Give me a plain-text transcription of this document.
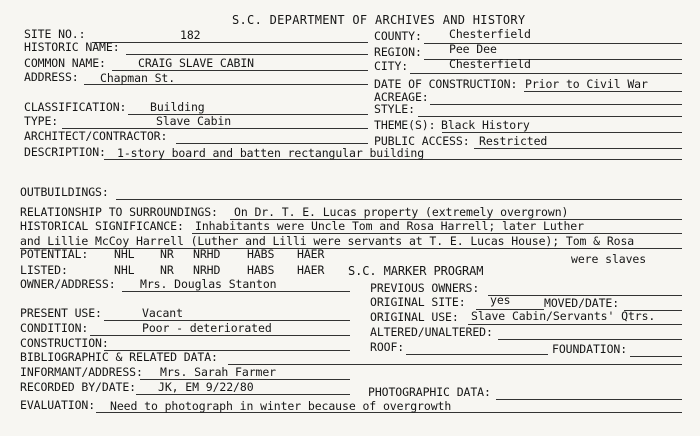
S.C. DEPARTMENT OF ARCHIVES AND HISTORY
SITE NO.:	182
HISTORIC NAME:
COMMON NAME:	CRAIG SLAVE CABIN
ADDRESS: Chapman St.
COUNTY: Chesterfield
REGION: Pee Dee
CITY:	Chesterfield
DATE OF CONSTRUCTION: Prior to Civil War
ACREAGE:
CLASSIFICATION: Building
TYPE:	Slave Cabin
ARCHITECT/CONTRACTOR:
DESCRIPTION: 1-story board and batten rectangular building
STYLE:
THEME(S): Black History
PUBLIC ACCESS: Restricted
OUTBUILDINGS:
RELATIONSHIP TO SURROUNDINGS: On Dr. T. E. Lucas property (extremely overgrown)
HISTORICAL SIGNIFICANCE: Inhabitants were Uncle Tom and Rosa Harrell; later Luther
and Lillie McCoy Harrell (Luther and Lilli were servants at T. E. Lucas House); Tom & Rosa
POTENTIAL: NHL NR NRHD HABS HAER	were slaves
LISTED:	NHL NR NRHD HABS HAER S.C. MARKER PROGRAM
OWNER/ADDRESS: Mrs. Douglas Stanton	PREVIOUS OWNERS:
ORIGINAL SITE: yes	MOVED/DATE:
PRESENT USE:	Vacant	ORIGINAL USE: Slave Cabin/Servants' Qtrs.
CONDITION:	Poor - deteriorated	ALTERED/UNALTERED:
CONSTRUCTION:	ROOF:	FOUNDATION:
BIBLIOGRAPHIC & RELATED DATA:
INFORMANT/ADDRESS: Mrs. Sarah Farmer
RECORDED BY/DATE: JK, EM 9/22/80	PHOTOGRAPHIC DATA:
EVALUATION: Need to photograph in winter because of overgrowth
